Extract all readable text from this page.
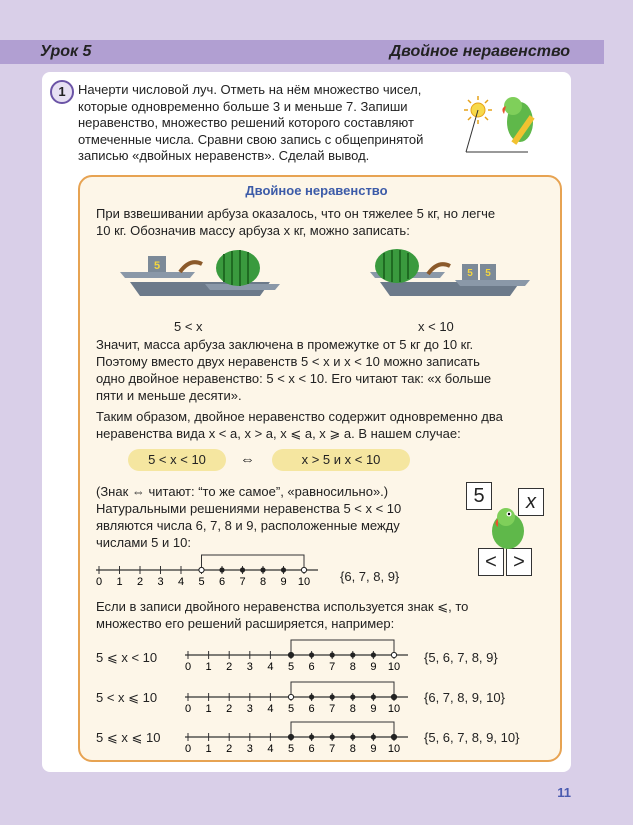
Урок 5	Двойное неравенство
1 Начерти числовой луч. Отметь на нём множество чисел,
которые одновременно больше 3 и меньше 7. Запиши
неравенство, множество решений которого составляют
отмеченные числа. Сравни свою запись с общепринятой
записью «двойных неравенств». Сделай вывод.
Двойное неравенство
При взвешивании арбуза оказалось, что он тяжелее 5 кг, но легче
10 кг. Обозначив массу арбуза x кг, можно записать:
5
5 5
5 < x	x < 10
Значит, масса арбуза заключена в промежутке от 5 кг до 10 кг.
Поэтому вместо двух неравенств 5 < x и x < 10 можно записать
одно двойное неравенство: 5 < x < 10. Его читают так: «x больше
пяти и меньше десяти».
Таким образом, двойное неравенство содержит одновременно два
неравенства вида x < a, x > a, x ⩽ a, x ⩾ a. В нашем случае:
5 < x < 10	⇔	x > 5 и x < 10
(Знак ⇔ читают: “то же самое”, «равносильно».)
Натуральными решениями неравенства 5 < x < 10
являются числа 6, 7, 8 и 9, расположенные между
числами 5 и 10:
5	x
< >
0 1 2 3 4 5 6 7 8 9 10
0 1 2 3 4 5 6 7 8 9 10
0 1 2 3 4 5 6 7 8 9 10
0 1 2 3 4 5 6 7 8 9 10
{6, 7, 8, 9}
Если в записи двойного неравенства используется знак ⩽, то
множество его решений расширяется, например:
5 ⩽ x < 10	{5, 6, 7, 8, 9}
5 < x ⩽ 10	{6, 7, 8, 9, 10}
5 ⩽ x ⩽ 10	{5, 6, 7, 8, 9, 10}
11
